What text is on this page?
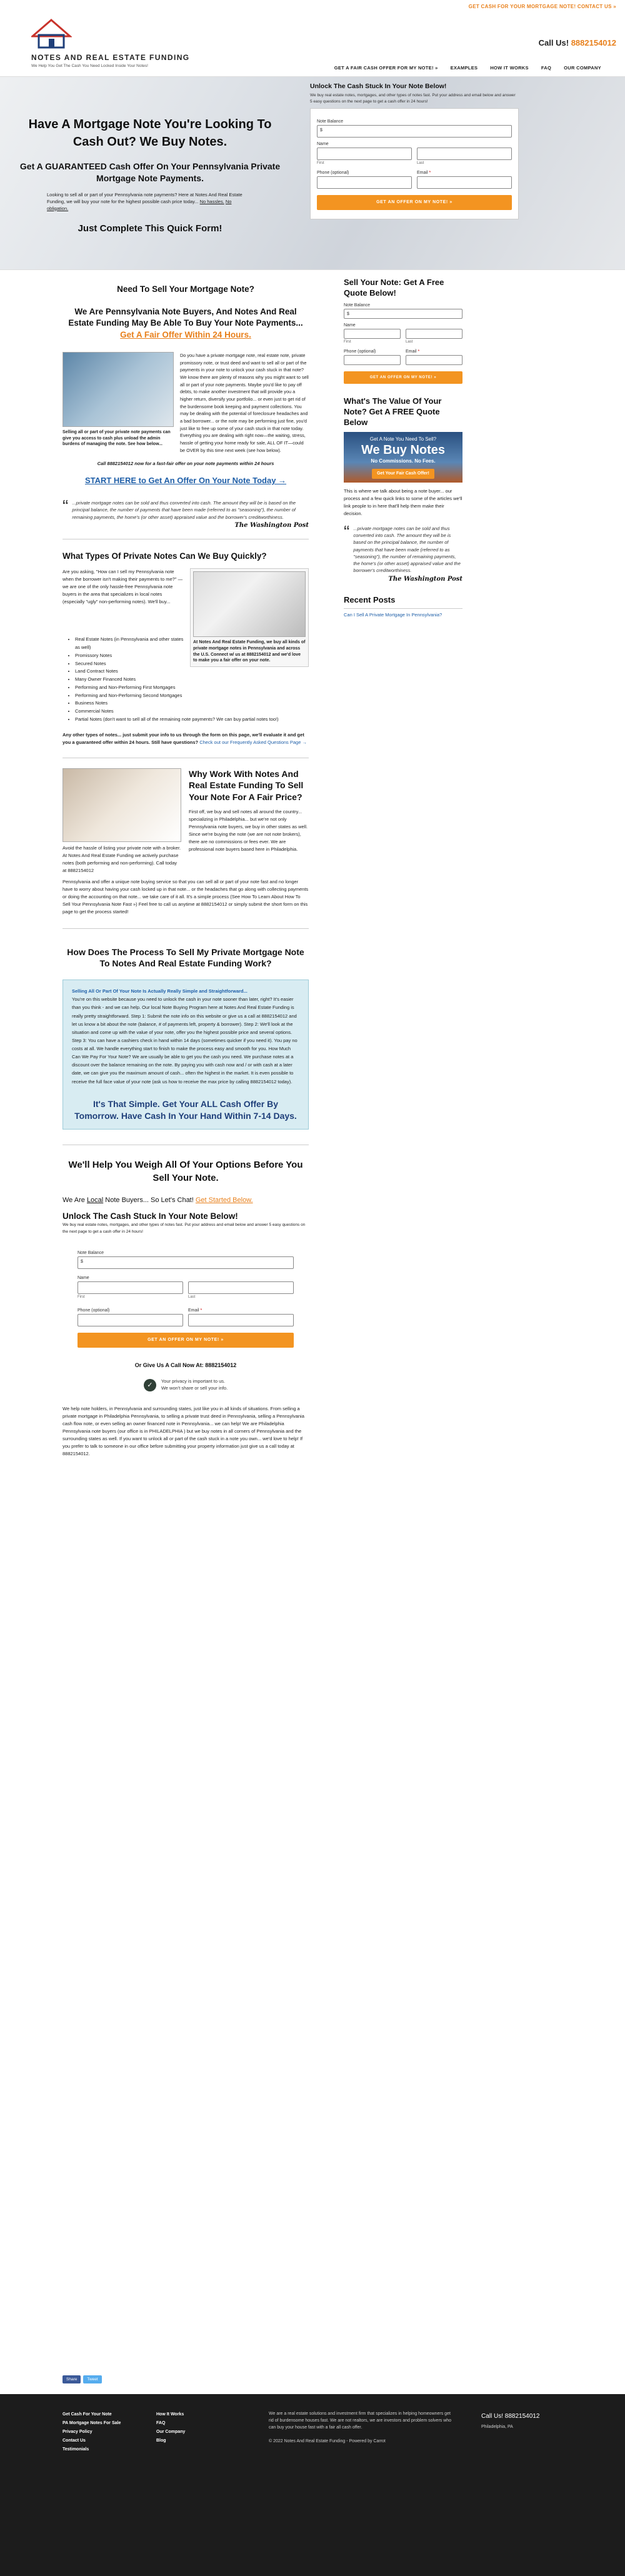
GET CASH FOR YOUR MORTGAGE NOTE! CONTACT US »
NOTES AND REAL ESTATE FUNDING
We Help You Get The Cash You Need Locked Inside Your Notes!
Call Us! 8882154012
GET A FAIR CASH OFFER FOR MY NOTE! »	EXAMPLES	HOW IT WORKS	FAQ	OUR COMPANY
Have A Mortgage Note You're Looking To Cash Out? We Buy Notes.
Get A GUARANTEED Cash Offer On Your Pennsylvania Private Mortgage Note Payments.

Looking to sell all or part of your Pennsylvania note payments? Here at Notes And Real Estate Funding, we will buy your note for the highest possible cash price today... No hassles. No obligation.

Just Complete This Quick Form!
Unlock The Cash Stuck In Your Note Below!
We buy real estate notes, mortgages, and other types of notes fast. Put your address and email below and answer 5 easy questions on the next page to get a cash offer in 24 hours!
Note Balance
$
Name
First	Last
Phone (optional)	Email *
GET AN OFFER ON MY NOTE! »
Need To Sell Your Mortgage Note?
We Are Pennsylvania Note Buyers, And Notes And Real Estate Funding May Be Able To Buy Your Note Payments... Get A Fair Offer Within 24 Hours.
Selling all or part of your private note payments can give you access to cash plus unload the admin burdens of managing the note. See how below...
Do you have a private mortgage note, real estate note, private promissory note, or trust deed and want to sell all or part of the payments in your note to unlock your cash stuck in that note? We know there are plenty of reasons why you might want to sell all or part of your note payments. Maybe you'd like to pay off debts, to make another investment that will provide you a higher return, diversify your portfolio... or even just to get rid of the burdensome book keeping and payment collections. You may be dealing with the potential of foreclosure headaches and a bad borrower... or the note may be performing just fine, you'd just like to free up some of your cash stuck in that note today. Everything you are dealing with right now—the waiting, stress, hassle of getting your home ready for sale, ALL OF IT—could be OVER by this time next week (see how below).
Call 8882154012 now for a fast-fair offer on your note payments within 24 hours
START HERE to Get An Offer On Your Note Today →
“ ...private mortgage notes can be sold and thus converted into cash. The amount they will be is based on the principal balance, the number of payments that have been made (referred to as "seasoning"), the number of remaining payments, the home's (or other asset) appraised value and the borrower's creditworthiness.
The Washington Post
What Types Of Private Notes Can We Buy Quickly?
Are you asking, "How can I sell my Pennsylvania note when the borrower isn't making their payments to me?" — we are one of the only hassle-free Pennsylvania note buyers in the area that specializes in local notes (especially "ugly" non-performing notes). We'll buy...
At Notes And Real Estate Funding, we buy all kinds of private mortgage notes in Pennsylvania and across the U.S. Connect w/ us at 8882154012 and we'd love to make you a fair offer on your note.
• Real Estate Notes (in Pennsylvania and other states as well)
• Promissory Notes
• Secured Notes
• Land Contract Notes
• Many Owner Financed Notes
• Performing and Non-Performing First Mortgages
• Performing and Non-Performing Second Mortgages
• Business Notes
• Commercial Notes
• Partial Notes (don't want to sell all of the remaining note payments? We can buy partial notes too!)
Any other types of notes... just submit your info to us through the form on this page, we'll evaluate it and get you a guaranteed offer within 24 hours. Still have questions? Check out our Frequently Asked Questions Page →
Avoid the hassle of listing your private note with a broker. At Notes And Real Estate Funding we actively purchase notes (both performing and non-performing). Call today at 8882154012
Why Work With Notes And Real Estate Funding To Sell Your Note For A Fair Price?
First off, we buy and sell notes all around the country... specializing in Philadelphia... but we're not only Pennsylvania note buyers, we buy in other states as well. Since we're buying the note (we are not note brokers), there are no commissions or fees ever. We are professional note buyers based here in Philadelphia.
Pennsylvania and offer a unique note buying service so that you can sell all or part of your note fast and no longer have to worry about having your cash locked up in that note... or the headaches that go along with collecting payments or doing the accounting on that note... we take care of it all. It's a simple process (See How To Learn About How To Sell Your Pennsylvania Note Fast ») Feel free to call us anytime at 8882154012 or simply submit the short form on this page to get the process started!
How Does The Process To Sell My Private Mortgage Note To Notes And Real Estate Funding Work?
Selling All Or Part Of Your Note Is Actually Really Simple and Straightforward...
You're on this website because you need to unlock the cash in your note sooner than later, right? It's easier than you think - and we can help. Our local Note Buying Program here at Notes And Real Estate Funding is really pretty straightforward. Step 1: Submit the note info on this website or give us a call at 8882154012 and let us know a bit about the note (balance, # of payments left, property & borrower). Step 2: We'll look at the situation and come up with the value of your note, offer you the highest possible price and several options. Step 3: You can have a cashiers check in hand within 14 days (sometimes quicker if you need it). You pay no costs at all. We handle everything start to finish to make the process easy and smooth for you. How Much Can We Pay For Your Note? We are usually be able to get you the cash you need. We purchase notes at a discount over the balance remaining on the note. By paying you with cash now and / or with cash at a later date, we can give you the maximum amount of cash... often the highest in the market. It is even possible to receive the full face value of your note (ask us how to receive the max price by calling 8882154012 today).
It's That Simple. Get Your ALL Cash Offer By Tomorrow. Have Cash In Your Hand Within 7-14 Days.
We'll Help You Weigh All Of Your Options Before You Sell Your Note.
We Are Local Note Buyers... So Let's Chat! Get Started Below.
Unlock The Cash Stuck In Your Note Below!
We buy real estate notes, mortgages, and other types of notes fast. Put your address and email below and answer 5 easy questions on the next page to get a cash offer in 24 hours!
Note Balance
$
Name
First	Last
Phone (optional)	Email *
GET AN OFFER ON MY NOTE! »
Or Give Us A Call Now At: 8882154012
✓	Your privacy is important to us.
We won't share or sell your info.
We help note holders, in Pennsylvania and surrounding states, just like you in all kinds of situations. From selling a private mortgage in Philadelphia Pennsylvania, to selling a private trust deed in Pennsylvania, selling a Pennsylvania cash flow note, or even selling an owner financed note in Pennsylvania... we can help! We are Philadelphia Pennsylvania note buyers (our office is in PHILADELPHIA ) but we buy notes in all corners of Pennsylvania and the surrounding states as well. If you want to unlock all or part of the cash stuck in a note you own... we'd love to help! If you prefer to talk to someone in our office before submitting your property information just give us a call today at 8882154012.
Sell Your Note: Get A Free Quote Below!
Note Balance
$
Name
First	Last
Phone (optional)	Email *
GET AN OFFER ON MY NOTE! »
What's The Value Of Your Note? Get A FREE Quote Below
Get A Note You Need To Sell?
We Buy Notes
No Commissions. No Fees.
Get Your Fair Cash Offer!
This is where we talk about being a note buyer... our process and a few quick links to some of the articles we'll link people to in here that'll help them make their decision.
“ ...private mortgage notes can be sold and thus converted into cash. The amount they will be is based on the principal balance, the number of payments that have been made (referred to as "seasoning"), the number of remaining payments, the home's (or other asset) appraised value and the borrower's creditworthiness.
The Washington Post
Recent Posts
Can I Sell A Private Mortgage In Pennsylvania?
Share	Tweet
Get Cash For Your Note
PA Mortgage Notes For Sale
Privacy Policy
Contact Us
Testimonials
How It Works
FAQ
Our Company
Blog
We are a real estate solutions and investment firm that specializes in helping homeowners get rid of burdensome houses fast. We are not realtors, we are investors and problem solvers who can buy your house fast with a fair all cash offer.
© 2022 Notes And Real Estate Funding - Powered by Carrot
Call Us! 8882154012
Philadelphia, PA
